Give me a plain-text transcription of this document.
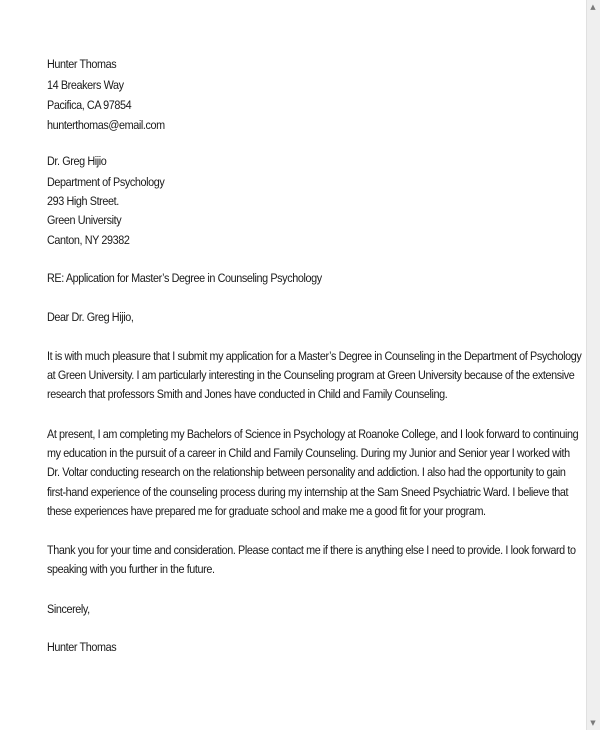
Hunter Thomas
14 Breakers Way
Pacifica, CA 97854
hunterthomas@email.com
Dr. Greg Hijio
Department of Psychology
293 High Street.
Green University
Canton, NY 29382
RE: Application for Master’s Degree in Counseling Psychology
Dear Dr. Greg Hijio,
It is with much pleasure that I submit my application for a Master’s Degree in Counseling in the Department of Psychology
at Green University. I am particularly interesting in the Counseling program at Green University because of the extensive
research that professors Smith and Jones have conducted in Child and Family Counseling.
At present, I am completing my Bachelors of Science in Psychology at Roanoke College, and I look forward to continuing
my education in the pursuit of a career in Child and Family Counseling. During my Junior and Senior year I worked with
Dr. Voltar conducting research on the relationship between personality and addiction. I also had the opportunity to gain
first-hand experience of the counseling process during my internship at the Sam Sneed Psychiatric Ward. I believe that
these experiences have prepared me for graduate school and make me a good fit for your program.
Thank you for your time and consideration. Please contact me if there is anything else I need to provide. I look forward to
speaking with you further in the future.
Sincerely,
Hunter Thomas
▲
▼
